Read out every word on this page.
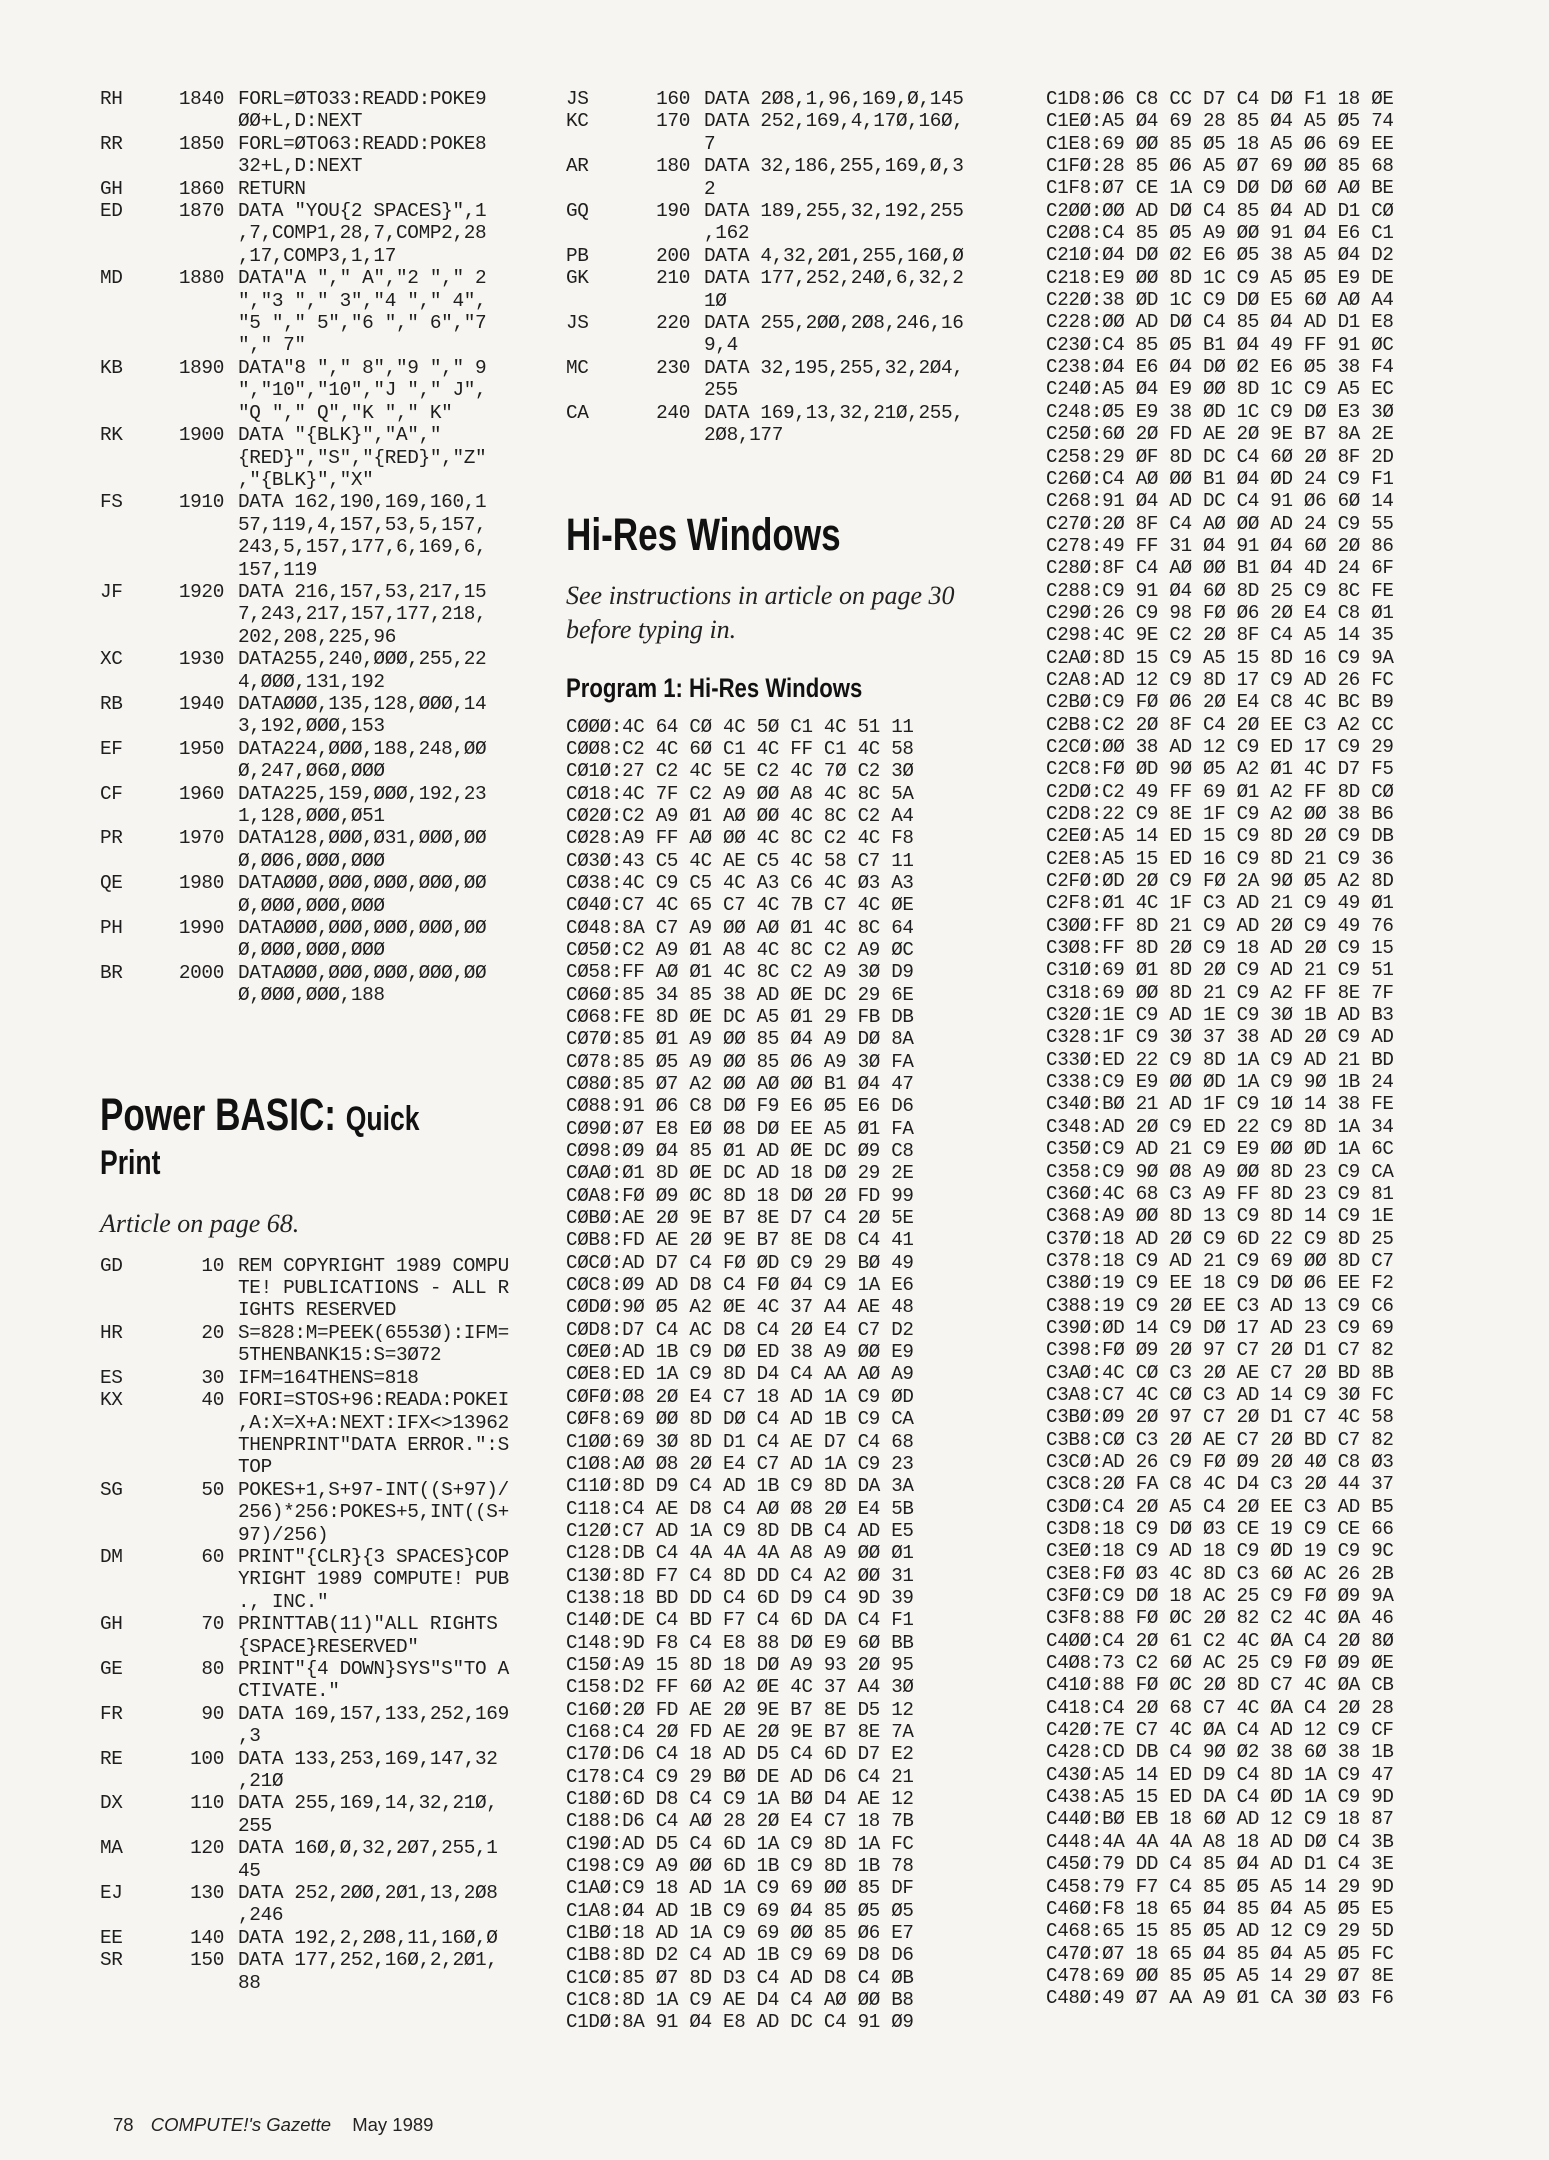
RH	1840 FORL=ØTO33:READD:POKE9
ØØ+L,D:NEXT
RR	1850 FORL=ØTO63:READD:POKE8
32+L,D:NEXT
GH	1860 RETURN
ED	1870 DATA "YOU{2 SPACES}",1
,7,COMP1,28,7,COMP2,28
,17,COMP3,1,17
MD	1880 DATA"A "," A","2 "," 2
","3 "," 3","4 "," 4",
"5 "," 5","6 "," 6","7
"," 7"
KB	1890 DATA"8 "," 8","9 "," 9
","10","10","J "," J",
"Q "," Q","K "," K"
RK	1900 DATA "{BLK}","A","
{RED}","S","{RED}","Z"
,"{BLK}","X"
FS	1910 DATA 162,190,169,160,1
57,119,4,157,53,5,157,
243,5,157,177,6,169,6,
157,119
JF	1920 DATA 216,157,53,217,15
7,243,217,157,177,218,
202,208,225,96
XC	1930 DATA255,240,ØØØ,255,22
4,ØØØ,131,192
RB	1940 DATAØØØ,135,128,ØØØ,14
3,192,ØØØ,153
EF	1950 DATA224,ØØØ,188,248,ØØ
Ø,247,Ø6Ø,ØØØ
CF	1960 DATA225,159,ØØØ,192,23
1,128,ØØØ,Ø51
PR	1970 DATA128,ØØØ,Ø31,ØØØ,ØØ
Ø,ØØ6,ØØØ,ØØØ
QE	1980 DATAØØØ,ØØØ,ØØØ,ØØØ,ØØ
Ø,ØØØ,ØØØ,ØØØ
PH	1990 DATAØØØ,ØØØ,ØØØ,ØØØ,ØØ
Ø,ØØØ,ØØØ,ØØØ
BR	2000 DATAØØØ,ØØØ,ØØØ,ØØØ,ØØ
Ø,ØØØ,ØØØ,188
Power BASIC: Quick
Print
Article on page 68.
GD	10 REM COPYRIGHT 1989 COMPU
TE! PUBLICATIONS - ALL R
IGHTS RESERVED
HR	20 S=828:M=PEEK(6553Ø):IFM=
5THENBANK15:S=3Ø72
ES	30 IFM=164THENS=818
KX	40 FORI=STOS+96:READA:POKEI
,A:X=X+A:NEXT:IFX<>13962
THENPRINT"DATA ERROR.":S
TOP
SG	50 POKES+1,S+97-INT((S+97)/
256)*256:POKES+5,INT((S+
97)/256)
DM	60 PRINT"{CLR}{3 SPACES}COP
YRIGHT 1989 COMPUTE! PUB
., INC."
GH	70 PRINTTAB(11)"ALL RIGHTS
{SPACE}RESERVED"
GE	80 PRINT"{4 DOWN}SYS"S"TO A
CTIVATE."
FR	90 DATA 169,157,133,252,169
,3
RE	100 DATA 133,253,169,147,32
,21Ø
DX	110 DATA 255,169,14,32,21Ø,
255
MA	120 DATA 16Ø,Ø,32,2Ø7,255,1
45
EJ	130 DATA 252,2ØØ,2Ø1,13,2Ø8
,246
EE	140 DATA 192,2,2Ø8,11,16Ø,Ø
SR	150 DATA 177,252,16Ø,2,2Ø1,
88
JS	160 DATA 2Ø8,1,96,169,Ø,145
KC	170 DATA 252,169,4,17Ø,16Ø,
7
AR	180 DATA 32,186,255,169,Ø,3
2
GQ	190 DATA 189,255,32,192,255
,162
PB	200 DATA 4,32,2Ø1,255,16Ø,Ø
GK	210 DATA 177,252,24Ø,6,32,2
1Ø
JS	220 DATA 255,2ØØ,2Ø8,246,16
9,4
MC	230 DATA 32,195,255,32,2Ø4,
255
CA	240 DATA 169,13,32,21Ø,255,
2Ø8,177
Hi-Res Windows
See instructions in article on page 30 before typing in.
Program 1: Hi-Res Windows
CØØØ:4C 64 CØ 4C 5Ø C1 4C 51 11
CØØ8:C2 4C 6Ø C1 4C FF C1 4C 58
CØ1Ø:27 C2 4C 5E C2 4C 7Ø C2 3Ø
CØ18:4C 7F C2 A9 ØØ A8 4C 8C 5A
CØ2Ø:C2 A9 Ø1 AØ ØØ 4C 8C C2 A4
CØ28:A9 FF AØ ØØ 4C 8C C2 4C F8
CØ3Ø:43 C5 4C AE C5 4C 58 C7 11
CØ38:4C C9 C5 4C A3 C6 4C Ø3 A3
CØ4Ø:C7 4C 65 C7 4C 7B C7 4C ØE
CØ48:8A C7 A9 ØØ AØ Ø1 4C 8C 64
CØ5Ø:C2 A9 Ø1 A8 4C 8C C2 A9 ØC
CØ58:FF AØ Ø1 4C 8C C2 A9 3Ø D9
CØ6Ø:85 34 85 38 AD ØE DC 29 6E
CØ68:FE 8D ØE DC A5 Ø1 29 FB DB
CØ7Ø:85 Ø1 A9 ØØ 85 Ø4 A9 DØ 8A
CØ78:85 Ø5 A9 ØØ 85 Ø6 A9 3Ø FA
CØ8Ø:85 Ø7 A2 ØØ AØ ØØ B1 Ø4 47
CØ88:91 Ø6 C8 DØ F9 E6 Ø5 E6 D6
CØ9Ø:Ø7 E8 EØ Ø8 DØ EE A5 Ø1 FA
CØ98:Ø9 Ø4 85 Ø1 AD ØE DC Ø9 C8
CØAØ:Ø1 8D ØE DC AD 18 DØ 29 2E
CØA8:FØ Ø9 ØC 8D 18 DØ 2Ø FD 99
CØBØ:AE 2Ø 9E B7 8E D7 C4 2Ø 5E
CØB8:FD AE 2Ø 9E B7 8E D8 C4 41
CØCØ:AD D7 C4 FØ ØD C9 29 BØ 49
CØC8:Ø9 AD D8 C4 FØ Ø4 C9 1A E6
CØDØ:9Ø Ø5 A2 ØE 4C 37 A4 AE 48
CØD8:D7 C4 AC D8 C4 2Ø E4 C7 D2
CØEØ:AD 1B C9 DØ ED 38 A9 ØØ E9
CØE8:ED 1A C9 8D D4 C4 AA AØ A9
CØFØ:Ø8 2Ø E4 C7 18 AD 1A C9 ØD
CØF8:69 ØØ 8D DØ C4 AD 1B C9 CA
C1ØØ:69 3Ø 8D D1 C4 AE D7 C4 68
C1Ø8:AØ Ø8 2Ø E4 C7 AD 1A C9 23
C11Ø:8D D9 C4 AD 1B C9 8D DA 3A
C118:C4 AE D8 C4 AØ Ø8 2Ø E4 5B
C12Ø:C7 AD 1A C9 8D DB C4 AD E5
C128:DB C4 4A 4A 4A A8 A9 ØØ Ø1
C13Ø:8D F7 C4 8D DD C4 A2 ØØ 31
C138:18 BD DD C4 6D D9 C4 9D 39
C14Ø:DE C4 BD F7 C4 6D DA C4 F1
C148:9D F8 C4 E8 88 DØ E9 6Ø BB
C15Ø:A9 15 8D 18 DØ A9 93 2Ø 95
C158:D2 FF 6Ø A2 ØE 4C 37 A4 3Ø
C16Ø:2Ø FD AE 2Ø 9E B7 8E D5 12
C168:C4 2Ø FD AE 2Ø 9E B7 8E 7A
C17Ø:D6 C4 18 AD D5 C4 6D D7 E2
C178:C4 C9 29 BØ DE AD D6 C4 21
C18Ø:6D D8 C4 C9 1A BØ D4 AE 12
C188:D6 C4 AØ 28 2Ø E4 C7 18 7B
C19Ø:AD D5 C4 6D 1A C9 8D 1A FC
C198:C9 A9 ØØ 6D 1B C9 8D 1B 78
C1AØ:C9 18 AD 1A C9 69 ØØ 85 DF
C1A8:Ø4 AD 1B C9 69 Ø4 85 Ø5 Ø5
C1BØ:18 AD 1A C9 69 ØØ 85 Ø6 E7
C1B8:8D D2 C4 AD 1B C9 69 D8 D6
C1CØ:85 Ø7 8D D3 C4 AD D8 C4 ØB
C1C8:8D 1A C9 AE D4 C4 AØ ØØ B8
C1DØ:8A 91 Ø4 E8 AD DC C4 91 Ø9
C1D8:Ø6 C8 CC D7 C4 DØ F1 18 ØE
C1EØ:A5 Ø4 69 28 85 Ø4 A5 Ø5 74
C1E8:69 ØØ 85 Ø5 18 A5 Ø6 69 EE
C1FØ:28 85 Ø6 A5 Ø7 69 ØØ 85 68
C1F8:Ø7 CE 1A C9 DØ DØ 6Ø AØ BE
C2ØØ:ØØ AD DØ C4 85 Ø4 AD D1 CØ
C2Ø8:C4 85 Ø5 A9 ØØ 91 Ø4 E6 C1
C21Ø:Ø4 DØ Ø2 E6 Ø5 38 A5 Ø4 D2
C218:E9 ØØ 8D 1C C9 A5 Ø5 E9 DE
C22Ø:38 ØD 1C C9 DØ E5 6Ø AØ A4
C228:ØØ AD DØ C4 85 Ø4 AD D1 E8
C23Ø:C4 85 Ø5 B1 Ø4 49 FF 91 ØC
C238:Ø4 E6 Ø4 DØ Ø2 E6 Ø5 38 F4
C24Ø:A5 Ø4 E9 ØØ 8D 1C C9 A5 EC
C248:Ø5 E9 38 ØD 1C C9 DØ E3 3Ø
C25Ø:6Ø 2Ø FD AE 2Ø 9E B7 8A 2E
C258:29 ØF 8D DC C4 6Ø 2Ø 8F 2D
C26Ø:C4 AØ ØØ B1 Ø4 ØD 24 C9 F1
C268:91 Ø4 AD DC C4 91 Ø6 6Ø 14
C27Ø:2Ø 8F C4 AØ ØØ AD 24 C9 55
C278:49 FF 31 Ø4 91 Ø4 6Ø 2Ø 86
C28Ø:8F C4 AØ ØØ B1 Ø4 4D 24 6F
C288:C9 91 Ø4 6Ø 8D 25 C9 8C FE
C29Ø:26 C9 98 FØ Ø6 2Ø E4 C8 Ø1
C298:4C 9E C2 2Ø 8F C4 A5 14 35
C2AØ:8D 15 C9 A5 15 8D 16 C9 9A
C2A8:AD 12 C9 8D 17 C9 AD 26 FC
C2BØ:C9 FØ Ø6 2Ø E4 C8 4C BC B9
C2B8:C2 2Ø 8F C4 2Ø EE C3 A2 CC
C2CØ:ØØ 38 AD 12 C9 ED 17 C9 29
C2C8:FØ ØD 9Ø Ø5 A2 Ø1 4C D7 F5
C2DØ:C2 49 FF 69 Ø1 A2 FF 8D CØ
C2D8:22 C9 8E 1F C9 A2 ØØ 38 B6
C2EØ:A5 14 ED 15 C9 8D 2Ø C9 DB
C2E8:A5 15 ED 16 C9 8D 21 C9 36
C2FØ:ØD 2Ø C9 FØ 2A 9Ø Ø5 A2 8D
C2F8:Ø1 4C 1F C3 AD 21 C9 49 Ø1
C3ØØ:FF 8D 21 C9 AD 2Ø C9 49 76
C3Ø8:FF 8D 2Ø C9 18 AD 2Ø C9 15
C31Ø:69 Ø1 8D 2Ø C9 AD 21 C9 51
C318:69 ØØ 8D 21 C9 A2 FF 8E 7F
C32Ø:1E C9 AD 1E C9 3Ø 1B AD B3
C328:1F C9 3Ø 37 38 AD 2Ø C9 AD
C33Ø:ED 22 C9 8D 1A C9 AD 21 BD
C338:C9 E9 ØØ ØD 1A C9 9Ø 1B 24
C34Ø:BØ 21 AD 1F C9 1Ø 14 38 FE
C348:AD 2Ø C9 ED 22 C9 8D 1A 34
C35Ø:C9 AD 21 C9 E9 ØØ ØD 1A 6C
C358:C9 9Ø Ø8 A9 ØØ 8D 23 C9 CA
C36Ø:4C 68 C3 A9 FF 8D 23 C9 81
C368:A9 ØØ 8D 13 C9 8D 14 C9 1E
C37Ø:18 AD 2Ø C9 6D 22 C9 8D 25
C378:18 C9 AD 21 C9 69 ØØ 8D C7
C38Ø:19 C9 EE 18 C9 DØ Ø6 EE F2
C388:19 C9 2Ø EE C3 AD 13 C9 C6
C39Ø:ØD 14 C9 DØ 17 AD 23 C9 69
C398:FØ Ø9 2Ø 97 C7 2Ø D1 C7 82
C3AØ:4C CØ C3 2Ø AE C7 2Ø BD 8B
C3A8:C7 4C CØ C3 AD 14 C9 3Ø FC
C3BØ:Ø9 2Ø 97 C7 2Ø D1 C7 4C 58
C3B8:CØ C3 2Ø AE C7 2Ø BD C7 82
C3CØ:AD 26 C9 FØ Ø9 2Ø 4Ø C8 Ø3
C3C8:2Ø FA C8 4C D4 C3 2Ø 44 37
C3DØ:C4 2Ø A5 C4 2Ø EE C3 AD B5
C3D8:18 C9 DØ Ø3 CE 19 C9 CE 66
C3EØ:18 C9 AD 18 C9 ØD 19 C9 9C
C3E8:FØ Ø3 4C 8D C3 6Ø AC 26 2B
C3FØ:C9 DØ 18 AC 25 C9 FØ Ø9 9A
C3F8:88 FØ ØC 2Ø 82 C2 4C ØA 46
C4ØØ:C4 2Ø 61 C2 4C ØA C4 2Ø 8Ø
C4Ø8:73 C2 6Ø AC 25 C9 FØ Ø9 ØE
C41Ø:88 FØ ØC 2Ø 8D C7 4C ØA CB
C418:C4 2Ø 68 C7 4C ØA C4 2Ø 28
C42Ø:7E C7 4C ØA C4 AD 12 C9 CF
C428:CD DB C4 9Ø Ø2 38 6Ø 38 1B
C43Ø:A5 14 ED D9 C4 8D 1A C9 47
C438:A5 15 ED DA C4 ØD 1A C9 9D
C44Ø:BØ EB 18 6Ø AD 12 C9 18 87
C448:4A 4A 4A A8 18 AD DØ C4 3B
C45Ø:79 DD C4 85 Ø4 AD D1 C4 3E
C458:79 F7 C4 85 Ø5 A5 14 29 9D
C46Ø:F8 18 65 Ø4 85 Ø4 A5 Ø5 E5
C468:65 15 85 Ø5 AD 12 C9 29 5D
C47Ø:Ø7 18 65 Ø4 85 Ø4 A5 Ø5 FC
C478:69 ØØ 85 Ø5 A5 14 29 Ø7 8E
C48Ø:49 Ø7 AA A9 Ø1 CA 3Ø Ø3 F6
78 COMPUTE!'s Gazette May 1989
